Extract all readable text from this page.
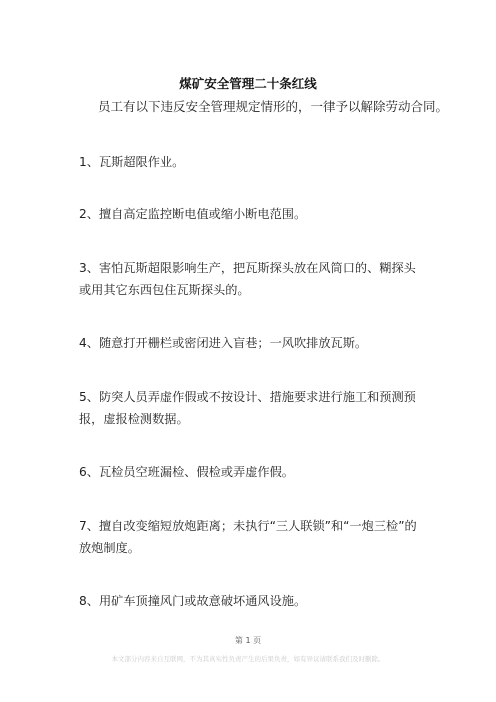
煤矿安全管理二十条红线
员工有以下违反安全管理规定情形的，一律予以解除劳动合同。
1、瓦斯超限作业。
2、擅自高定监控断电值或缩小断电范围。
3、害怕瓦斯超限影响生产，把瓦斯探头放在风筒口的、糊探头或用其它东西包住瓦斯探头的。
4、随意打开栅栏或密闭进入盲巷；一风吹排放瓦斯。
5、防突人员弄虚作假或不按设计、措施要求进行施工和预测预报，虚报检测数据。
6、瓦检员空班漏检、假检或弄虚作假。
7、擅自改变缩短放炮距离；未执行“三人联锁”和“一炮三检”的放炮制度。
8、用矿车顶撞风门或故意破坏通风设施。
第 1 页
本文部分内容来自互联网，不为其真实性负责产生的后果负责，如有异议请联系我们及时删除。
